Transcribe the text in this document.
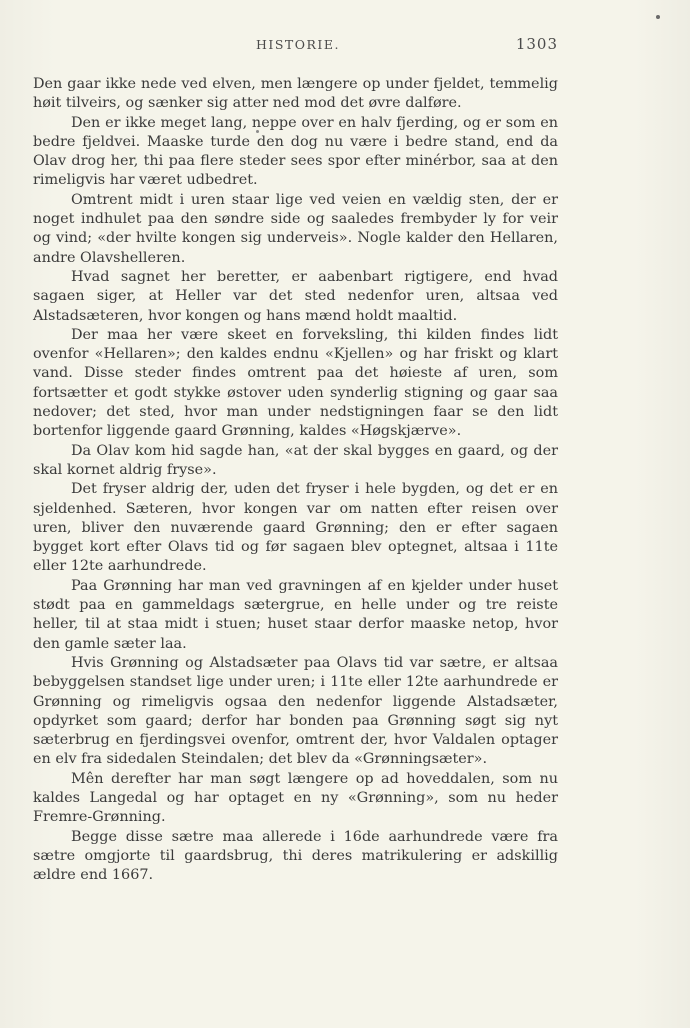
HISTORIE.	1303

Den gaar ikke nede ved elven, men længere op under fjeldet, temmelig høit tilveirs, og sænker sig atter ned mod det øvre dalføre.

Den er ikke meget lang, neppe over en halv fjerding, og er som en bedre fjeldvei. Maaske turde den dog nu være i bedre stand, end da Olav drog her, thi paa flere steder sees spor efter minérbor, saa at den rimeligvis har været udbedret.

Omtrent midt i uren staar lige ved veien en vældig sten, der er noget indhulet paa den søndre side og saaledes frembyder ly for veir og vind; «der hvilte kongen sig underveis». Nogle kalder den Hellaren, andre Olavshelleren.

Hvad sagnet her beretter, er aabenbart rigtigere, end hvad sagaen siger, at Heller var det sted nedenfor uren, altsaa ved Alstadsæteren, hvor kongen og hans mænd holdt maaltid.

Der maa her være skeet en forveksling, thi kilden findes lidt ovenfor «Hellaren»; den kaldes endnu «Kjellen» og har friskt og klart vand. Disse steder findes omtrent paa det høieste af uren, som fortsætter et godt stykke østover uden synderlig stigning og gaar saa nedover; det sted, hvor man under nedstigningen faar se den lidt bortenfor liggende gaard Grønning, kaldes «Høgskjærve».

Da Olav kom hid sagde han, «at der skal bygges en gaard, og der skal kornet aldrig fryse».

Det fryser aldrig der, uden det fryser i hele bygden, og det er en sjeldenhed. Sæteren, hvor kongen var om natten efter reisen over uren, bliver den nuværende gaard Grønning; den er efter sagaen bygget kort efter Olavs tid og før sagaen blev optegnet, altsaa i 11te eller 12te aarhundrede.

Paa Grønning har man ved gravningen af en kjelder under huset stødt paa en gammeldags sætergrue, en helle under og tre reiste heller, til at staa midt i stuen; huset staar derfor maaske netop, hvor den gamle sæter laa.

Hvis Grønning og Alstadsæter paa Olavs tid var sætre, er altsaa bebyggelsen standset lige under uren; i 11te eller 12te aarhundrede er Grønning og rimeligvis ogsaa den nedenfor liggende Alstadsæter, opdyrket som gaard; derfor har bonden paa Grønning søgt sig nyt sæterbrug en fjerdingsvei ovenfor, omtrent der, hvor Valdalen optager en elv fra sidedalen Steindalen; det blev da «Grønningsæter».

Mên derefter har man søgt længere op ad hoveddalen, som nu kaldes Langedal og har optaget en ny «Grønning», som nu heder Fremre-Grønning.

Begge disse sætre maa allerede i 16de aarhundrede være fra sætre omgjorte til gaardsbrug, thi deres matrikulering er adskillig ældre end 1667.
